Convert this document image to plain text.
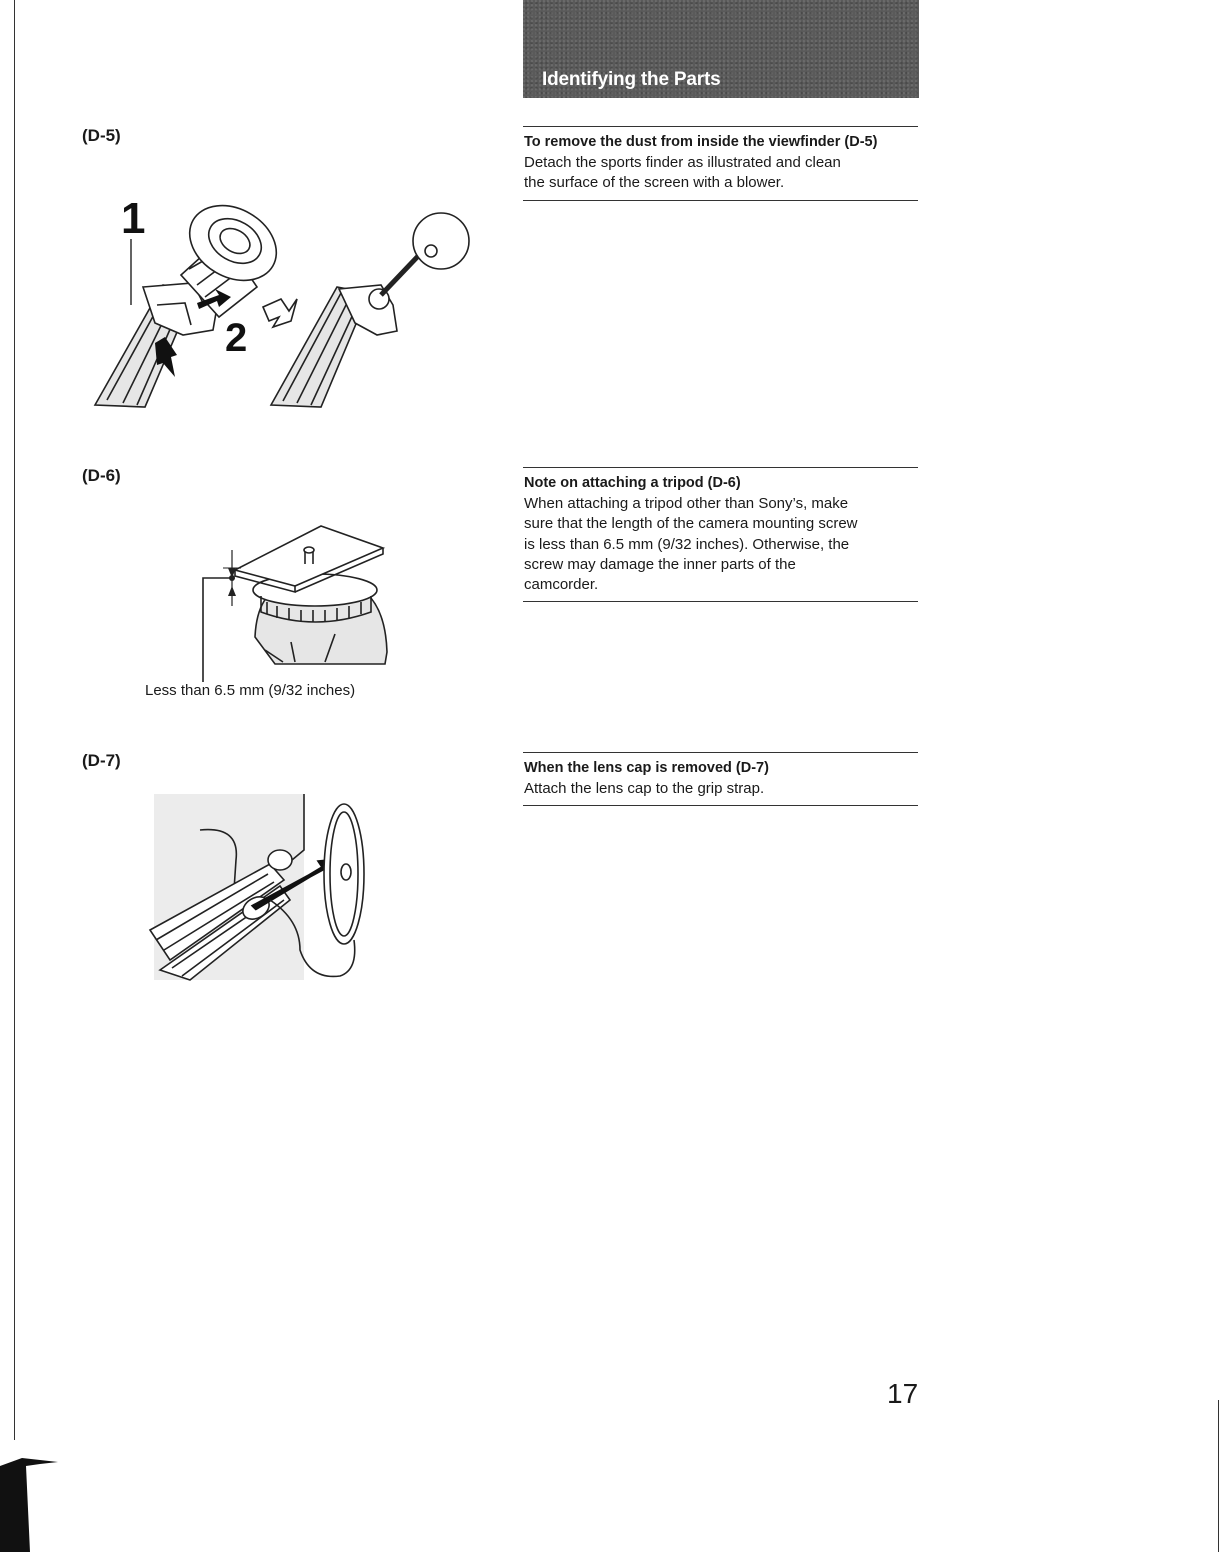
Identifying the Parts
(D-5)
(D-6)
(D-7)
1
2
Less than 6.5 mm (9/32 inches)
To remove the dust from inside the viewfinder (D-5)
Detach the sports finder as illustrated and clean
the surface of the screen with a blower.
Note on attaching a tripod (D-6)
When attaching a tripod other than Sony’s, make
sure that the length of the camera mounting screw
is less than 6.5 mm (9/32 inches). Otherwise, the
screw may damage the inner parts of the
camcorder.
When the lens cap is removed (D-7)
Attach the lens cap to the grip strap.
17
